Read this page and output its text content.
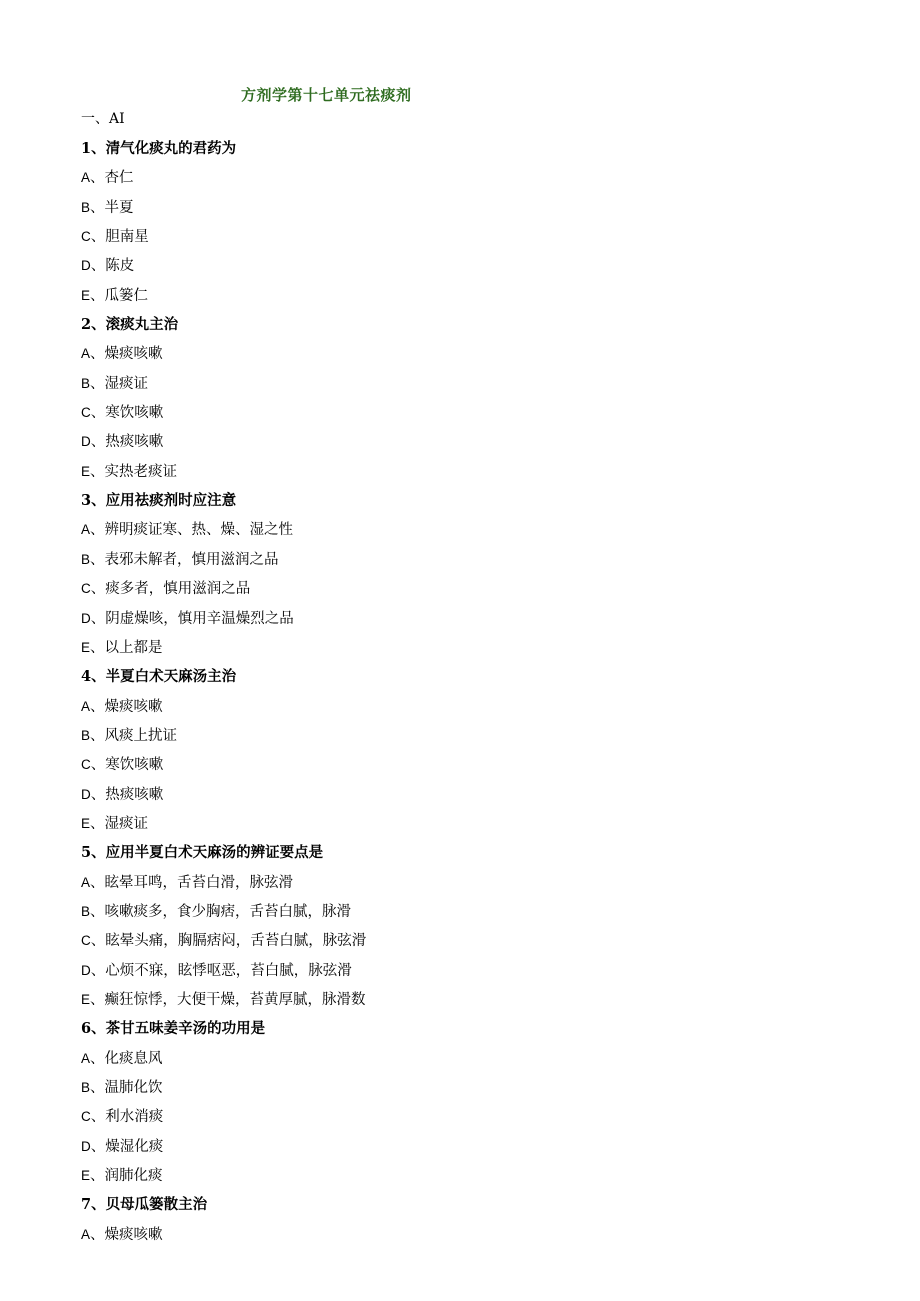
方剂学第十七单元祛痰剂
一、AI
1、清气化痰丸的君药为
A、杏仁
B、半夏
C、胆南星
D、陈皮
E、瓜篓仁
2、滚痰丸主治
A、燥痰咳嗽
B、湿痰证
C、寒饮咳嗽
D、热痰咳嗽
E、实热老痰证
3、应用祛痰剂时应注意
A、辨明痰证寒、热、燥、湿之性
B、表邪未解者，慎用滋润之品
C、痰多者，慎用滋润之品
D、阴虚燥咳，慎用辛温燥烈之品
E、以上都是
4、半夏白术天麻汤主治
A、燥痰咳嗽
B、风痰上扰证
C、寒饮咳嗽
D、热痰咳嗽
E、湿痰证
5、应用半夏白术天麻汤的辨证要点是
A、眩晕耳鸣，舌苔白滑，脉弦滑
B、咳嗽痰多，食少胸痞，舌苔白腻，脉滑
C、眩晕头痛，胸膈痞闷，舌苔白腻，脉弦滑
D、心烦不寐，眩悸呕恶，苔白腻，脉弦滑
E、癫狂惊悸，大便干燥，苔黄厚腻，脉滑数
6、茶甘五味姜辛汤的功用是
A、化痰息风
B、温肺化饮
C、利水消痰
D、燥湿化痰
E、润肺化痰
7、贝母瓜篓散主治
A、燥痰咳嗽
